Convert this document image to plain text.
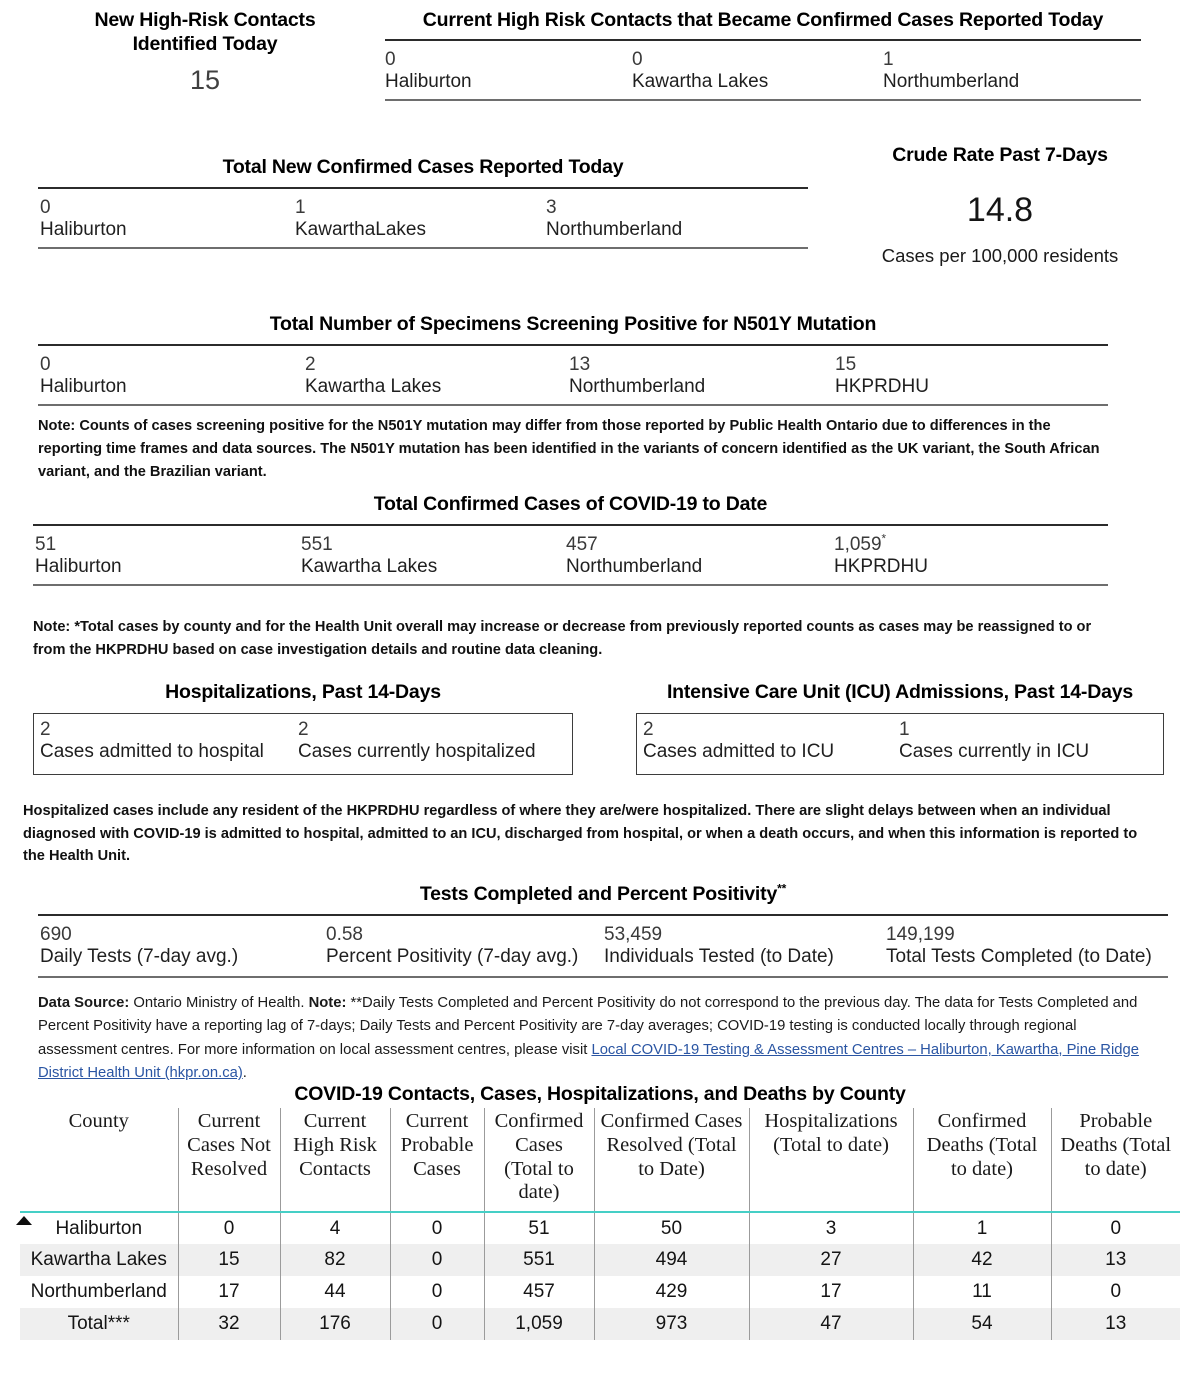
New High-Risk Contacts
Identified Today
15
Current High Risk Contacts that Became Confirmed Cases Reported Today
0
Haliburton
0
Kawartha Lakes
1
Northumberland
Total New Confirmed Cases Reported Today
0
Haliburton
1
KawarthaLakes
3
Northumberland
Crude Rate Past 7-Days
14.8
Cases per 100,000 residents
Total Number of Specimens Screening Positive for N501Y Mutation
0
Haliburton
2
Kawartha Lakes
13
Northumberland
15
HKPRDHU
Note: Counts of cases screening positive for the N501Y mutation may differ from those reported by Public Health Ontario due to differences in the reporting time frames and data sources. The N501Y mutation has been identified in the variants of concern identified as the UK variant, the South African variant, and the Brazilian variant.
Total Confirmed Cases of COVID-19 to Date
51
Haliburton
551
Kawartha Lakes
457
Northumberland
1,059*
HKPRDHU
Note: *Total cases by county and for the Health Unit overall may increase or decrease from previously reported counts as cases may be reassigned to or from the HKPRDHU based on case investigation details and routine data cleaning.
Hospitalizations, Past 14-Days
2
Cases admitted to hospital
2
Cases currently hospitalized
Intensive Care Unit (ICU) Admissions, Past 14-Days
2
Cases admitted to ICU
1
Cases currently in ICU
Hospitalized cases include any resident of the HKPRDHU regardless of where they are/were hospitalized. There are slight delays between when an individual diagnosed with COVID-19 is admitted to hospital, admitted to an ICU, discharged from hospital, or when a death occurs, and when this information is reported to the Health Unit.
Tests Completed and Percent Positivity**
690
Daily Tests (7-day avg.)
0.58
Percent Positivity (7-day avg.)
53,459
Individuals Tested (to Date)
149,199
Total Tests Completed (to Date)
Data Source: Ontario Ministry of Health. Note: **Daily Tests Completed and Percent Positivity do not correspond to the previous day. The data for Tests Completed and Percent Positivity have a reporting lag of 7-days; Daily Tests and Percent Positivity are 7-day averages; COVID-19 testing is conducted locally through regional assessment centres. For more information on local assessment centres, please visit Local COVID-19 Testing & Assessment Centres – Haliburton, Kawartha, Pine Ridge District Health Unit (hkpr.on.ca).
COVID-19 Contacts, Cases, Hospitalizations, and Deaths by County
County	Current Cases Not Resolved	Current High Risk Contacts	Current Probable Cases	Confirmed Cases (Total to date)	Confirmed Cases Resolved (Total to Date)	Hospitalizations (Total to date)	Confirmed Deaths (Total to date)	Probable Deaths (Total to date)
Haliburton	0	4	0	51	50	3	1	0
Kawartha Lakes	15	82	0	551	494	27	42	13
Northumberland	17	44	0	457	429	17	11	0
Total***	32	176	0	1,059	973	47	54	13
